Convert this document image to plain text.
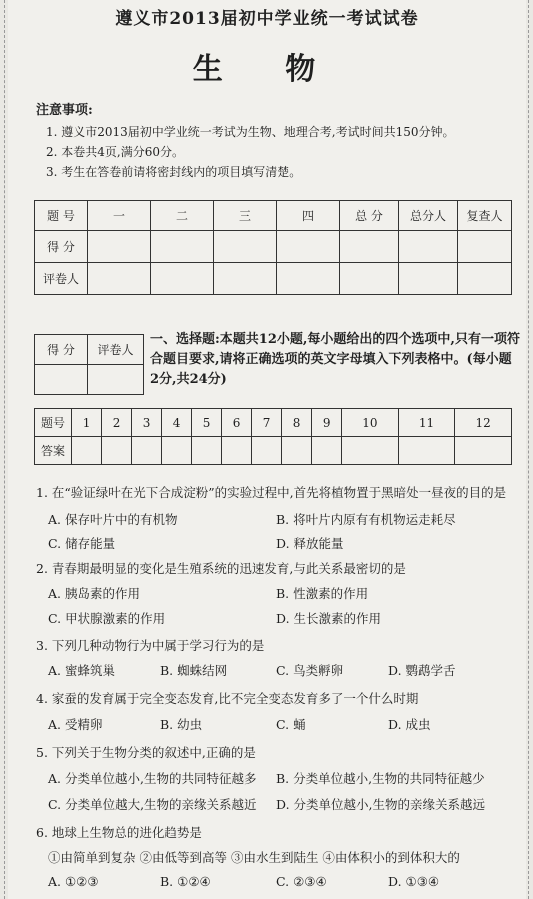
遵义市2013届初中学业统一考试试卷
生 物
注意事项:
1. 遵义市2013届初中学业统一考试为生物、地理合考,考试时间共150分钟。
2. 本卷共4页,满分60分。
3. 考生在答卷前请将密封线内的项目填写清楚。
题 号	一	二	三	四	总 分	总分人	复查人
得 分							
评卷人							
得 分	评卷人

一、选择题:本题共12小题,每小题给出的四个选项中,只有一项符合题目要求,请将正确选项的英文字母填入下列表格中。(每小题2分,共24分)
题号	1	2	3	4	5	6	7	8	9	10	11	12
答案												
1. 在“验证绿叶在光下合成淀粉”的实验过程中,首先将植物置于黑暗处一昼夜的目的是
A. 保存叶片中的有机物	B. 将叶片内原有有机物运走耗尽
C. 储存能量	D. 释放能量
2. 青春期最明显的变化是生殖系统的迅速发育,与此关系最密切的是
A. 胰岛素的作用	B. 性激素的作用
C. 甲状腺激素的作用	D. 生长激素的作用
3. 下列几种动物行为中属于学习行为的是
A. 蜜蜂筑巢	B. 蜘蛛结网	C. 鸟类孵卵	D. 鹦鹉学舌
4. 家蚕的发育属于完全变态发育,比不完全变态发育多了一个什么时期
A. 受精卵	B. 幼虫	C. 蛹	D. 成虫
5. 下列关于生物分类的叙述中,正确的是
A. 分类单位越小,生物的共同特征越多 B. 分类单位越小,生物的共同特征越少
C. 分类单位越大,生物的亲缘关系越近 D. 分类单位越小,生物的亲缘关系越远
6. 地球上生物总的进化趋势是
①由简单到复杂 ②由低等到高等 ③由水生到陆生 ④由体积小的到体积大的
A. ①②③	B. ①②④	C. ②③④	D. ①③④
